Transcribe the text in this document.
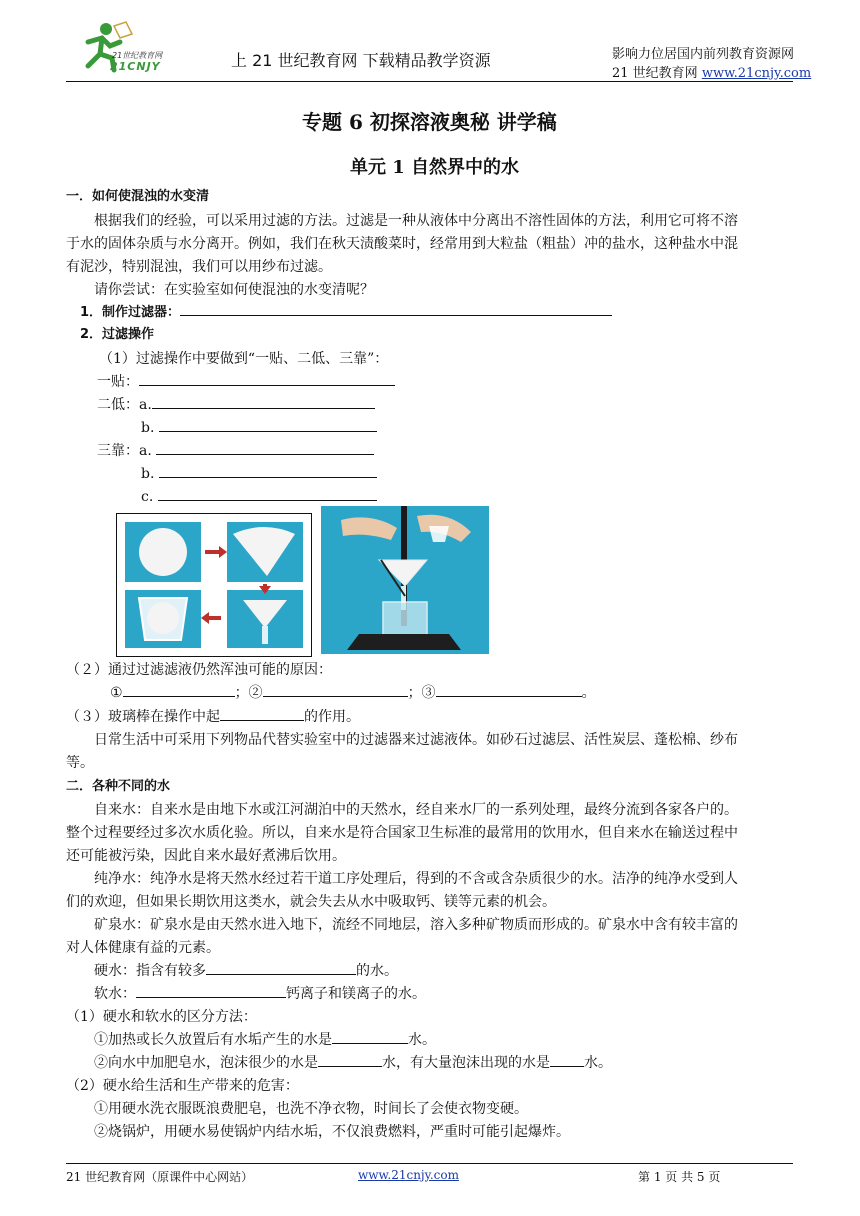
21世纪教育网
21CNJY	上 21 世纪教育网 下载精品教学资源	影响力位居国内前列教育资源网
21 世纪教育网 www.21cnjy.com
专题 6 初探溶液奥秘 讲学稿
单元 1 自然界中的水
一．如何使混浊的水变清
根据我们的经验，可以采用过滤的方法。过滤是一种从液体中分离出不溶性固体的方法，利用它可将不溶
于水的固体杂质与水分离开。例如，我们在秋天渍酸菜时，经常用到大粒盐（粗盐）冲的盐水，这种盐水中混
有泥沙，特别混浊，我们可以用纱布过滤。
请你尝试：在实验室如何使混浊的水变清呢？
1．制作过滤器：
2．过滤操作
（1）过滤操作中要做到“一贴、二低、三靠”：
一贴：
二低：a.
b.
三靠：a.
b.
c.
（２）通过过滤滤液仍然浑浊可能的原因：
①	；②	；③	。
（３）玻璃棒在操作中起	的作用。
日常生活中可采用下列物品代替实验室中的过滤器来过滤液体。如砂石过滤层、活性炭层、蓬松棉、纱布
等。
二．各种不同的水
自来水：自来水是由地下水或江河湖泊中的天然水，经自来水厂的一系列处理，最终分流到各家各户的。
整个过程要经过多次水质化验。所以，自来水是符合国家卫生标准的最常用的饮用水，但自来水在输送过程中
还可能被污染，因此自来水最好煮沸后饮用。
纯净水：纯净水是将天然水经过若干道工序处理后，得到的不含或含杂质很少的水。洁净的纯净水受到人
们的欢迎，但如果长期饮用这类水，就会失去从水中吸取钙、镁等元素的机会。
矿泉水：矿泉水是由天然水进入地下，流经不同地层，溶入多种矿物质而形成的。矿泉水中含有较丰富的
对人体健康有益的元素。
硬水：指含有较多	的水。
软水：	钙离子和镁离子的水。
（1）硬水和软水的区分方法：
①加热或长久放置后有水垢产生的水是	水。
②向水中加肥皂水，泡沫很少的水是	水，有大量泡沫出现的水是 水。
（2）硬水给生活和生产带来的危害：
①用硬水洗衣服既浪费肥皂，也洗不净衣物，时间长了会使衣物变硬。
②烧锅炉，用硬水易使锅炉内结水垢，不仅浪费燃料，严重时可能引起爆炸。
21 世纪教育网（原课件中心网站）	www.21cnjy.com	第 1 页 共 5 页
